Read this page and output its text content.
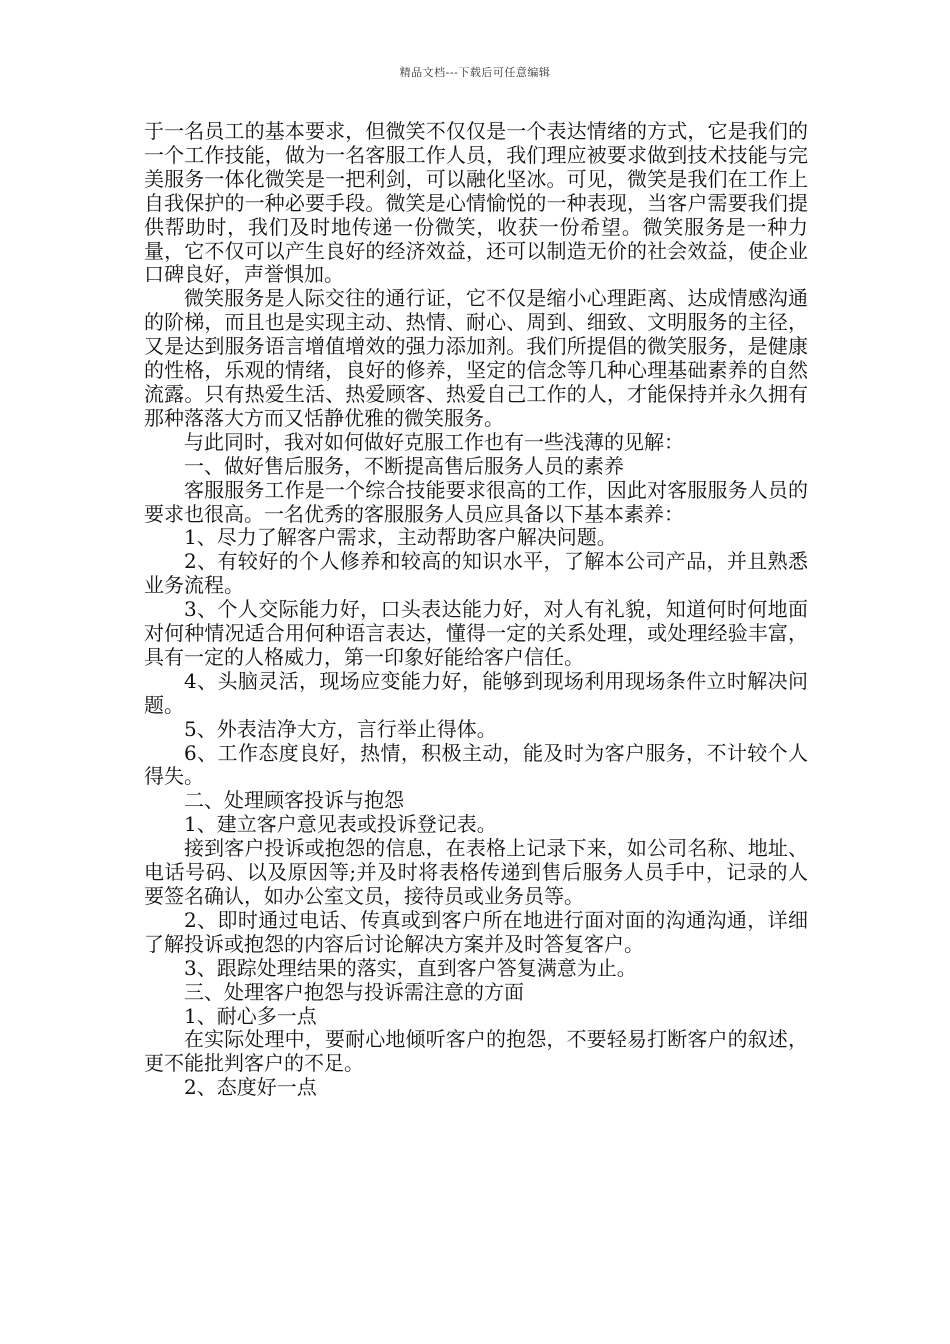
精品文档---下载后可任意编辑

于一名员工的基本要求，但微笑不仅仅是一个表达情绪的方式，它是我们的一个工作技能，做为一名客服工作人员，我们理应被要求做到技术技能与完美服务一体化微笑是一把利剑，可以融化坚冰。可见，微笑是我们在工作上自我保护的一种必要手段。微笑是心情愉悦的一种表现，当客户需要我们提供帮助时，我们及时地传递一份微笑，收获一份希望。微笑服务是一种力量，它不仅可以产生良好的经济效益，还可以制造无价的社会效益，使企业口碑良好，声誉惧加。

微笑服务是人际交往的通行证，它不仅是缩小心理距离、达成情感沟通的阶梯，而且也是实现主动、热情、耐心、周到、细致、文明服务的主径，又是达到服务语言增值增效的强力添加剂。我们所提倡的微笑服务，是健康的性格，乐观的情绪，良好的修养，坚定的信念等几种心理基础素养的自然流露。只有热爱生活、热爱顾客、热爱自己工作的人，才能保持并永久拥有那种落落大方而又恬静优雅的微笑服务。

与此同时，我对如何做好克服工作也有一些浅薄的见解：

一、做好售后服务，不断提高售后服务人员的素养

客服服务工作是一个综合技能要求很高的工作，因此对客服服务人员的要求也很高。一名优秀的客服服务人员应具备以下基本素养：

1、尽力了解客户需求，主动帮助客户解决问题。

2、有较好的个人修养和较高的知识水平，了解本公司产品，并且熟悉业务流程。

3、个人交际能力好，口头表达能力好，对人有礼貌，知道何时何地面对何种情况适合用何种语言表达，懂得一定的关系处理，或处理经验丰富，具有一定的人格威力，第一印象好能给客户信任。

4、头脑灵活，现场应变能力好，能够到现场利用现场条件立时解决问题。

5、外表洁净大方，言行举止得体。

6、工作态度良好，热情，积极主动，能及时为客户服务，不计较个人得失。

二、处理顾客投诉与抱怨

1、建立客户意见表或投诉登记表。

接到客户投诉或抱怨的信息，在表格上记录下来，如公司名称、地址、电话号码、以及原因等;并及时将表格传递到售后服务人员手中，记录的人要签名确认，如办公室文员，接待员或业务员等。

2、即时通过电话、传真或到客户所在地进行面对面的沟通沟通，详细了解投诉或抱怨的内容后讨论解决方案并及时答复客户。

3、跟踪处理结果的落实，直到客户答复满意为止。

三、处理客户抱怨与投诉需注意的方面

1、耐心多一点

在实际处理中，要耐心地倾听客户的抱怨，不要轻易打断客户的叙述，更不能批判客户的不足。

2、态度好一点
